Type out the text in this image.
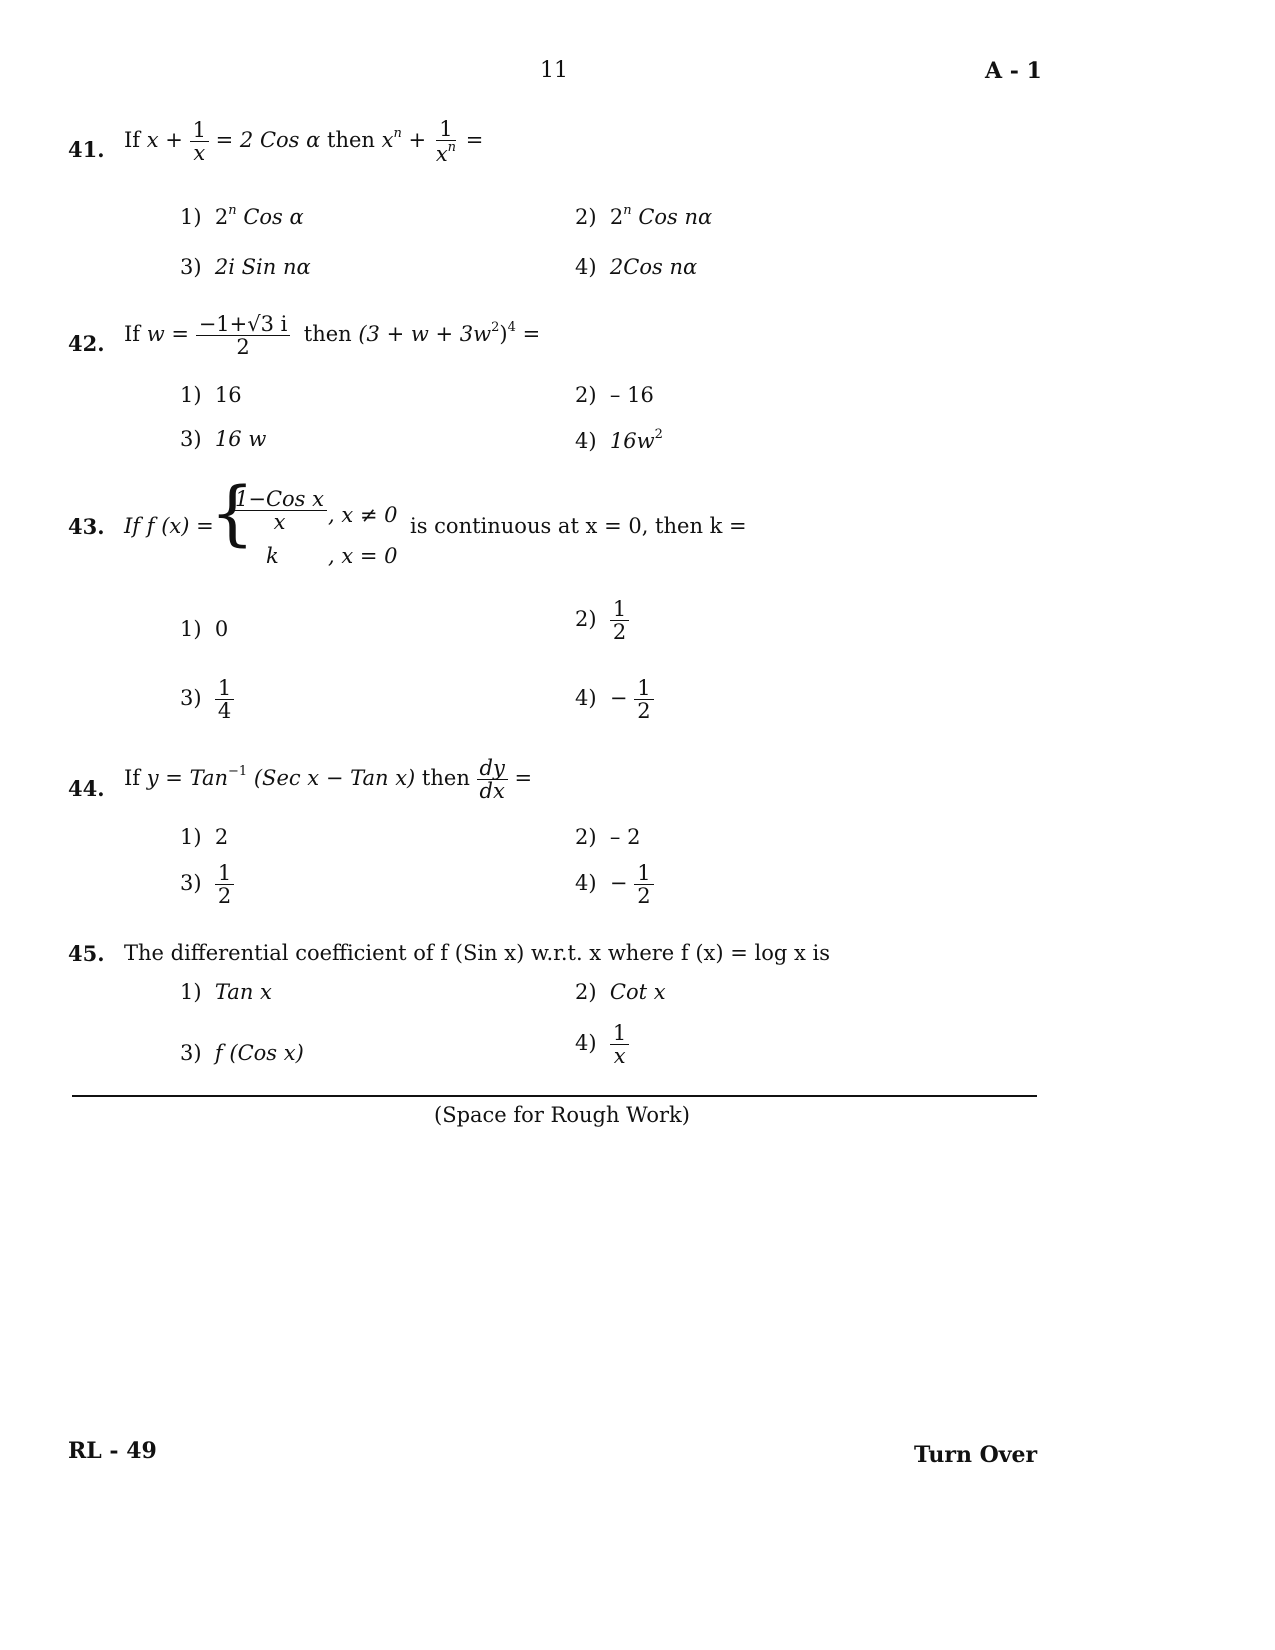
11	A - 1
41. If $x + \frac{1}{x} = 2$ Cos α then $x^n + \frac{1}{x^n}$ =
1) 2$^n$ Cos α	2) 2$^n$ Cos nα
3) 2i Sin nα	4) 2Cos nα
42. If $w = \frac{-1+√3 i}{2}$ then $(3 + w + 3w^2)^4$ =
1) 16	2) – 16
3) 16 w	4) $16w^2$
43. If f (x) =
{
$\frac{\text{1−Cos x}}{x}$ , x ≠ 0
k , x = 0
is continuous at x = 0, then k =
1) 0	$2) \frac{1}{2}$
$3) \frac{1}{4}$	$4) - \frac{1}{2}$
44. If y = Tan$^{-1}$ (Sec x − Tan x) then $\frac{dy}{dx}$ =
1) 2	2) – 2
$3) \frac{1}{2}$	$4) - \frac{1}{2}$
45. The differential coefficient of f (Sin x) w.r.t. x where f (x) = log x is
1) Tan x	2) Cot x
3) f (Cos x)	$4) \frac{1}{x}$
(Space for Rough Work)
RL - 49	Turn Over
